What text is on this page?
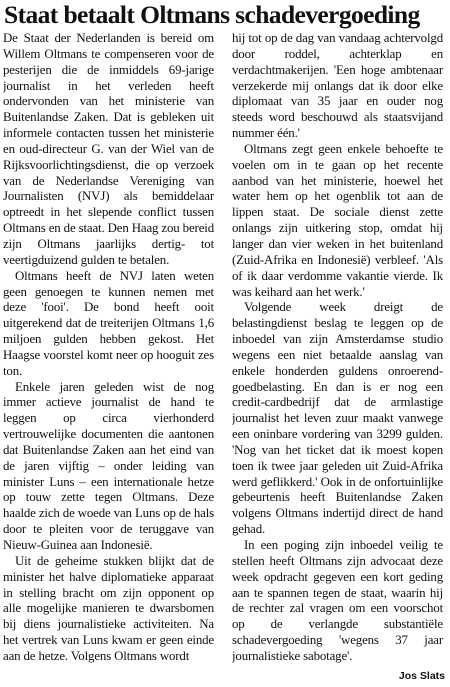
Staat betaalt Oltmans schadevergoeding

De Staat der Nederlanden is bereid om Willem Oltmans te compenseren voor de pesterijen die de inmiddels 69-jarige journalist in het verleden heeft ondervonden van het ministerie van Buitenlandse Zaken. Dat is gebleken uit informele contacten tussen het ministerie en oud-directeur G. van der Wiel van de Rijksvoorlichtingsdienst, die op verzoek van de Nederlandse Vereniging van Journalisten (NVJ) als bemiddelaar optreedt in het slepende conflict tussen Oltmans en de staat. Den Haag zou bereid zijn Oltmans jaarlijks dertig- tot veertigduizend gulden te betalen.

Oltmans heeft de NVJ laten weten geen genoegen te kunnen nemen met deze 'fooi'. De bond heeft ooit uitgerekend dat de treiterijen Oltmans 1,6 miljoen gulden hebben gekost. Het Haagse voorstel komt neer op hooguit zes ton.

Enkele jaren geleden wist de nog immer actieve journalist de hand te leggen op circa vierhonderd vertrouwelijke documenten die aantonen dat Buitenlandse Zaken aan het eind van de jaren vijftig – onder leiding van minister Luns – een internationale hetze op touw zette tegen Oltmans. Deze haalde zich de woede van Luns op de hals door te pleiten voor de teruggave van Nieuw-Guinea aan Indonesië.

Uit de geheime stukken blijkt dat de minister het halve diplomatieke apparaat in stelling bracht om zijn opponent op alle mogelijke manieren te dwarsbomen bij diens journalistieke activiteiten. Na het vertrek van Luns kwam er geen einde aan de hetze. Volgens Oltmans wordt

hij tot op de dag van vandaag achtervolgd door roddel, achterklap en verdachtmakerijen. 'Een hoge ambtenaar verzekerde mij onlangs dat ik door elke diplomaat van 35 jaar en ouder nog steeds word beschouwd als staatsvijand nummer één.'

Oltmans zegt geen enkele behoefte te voelen om in te gaan op het recente aanbod van het ministerie, hoewel het water hem op het ogenblik tot aan de lippen staat. De sociale dienst zette onlangs zijn uitkering stop, omdat hij langer dan vier weken in het buitenland (Zuid-Afrika en Indonesië) verbleef. 'Als of ik daar verdomme vakantie vierde. Ik was keihard aan het werk.'

Volgende week dreigt de belastingdienst beslag te leggen op de inboedel van zijn Amsterdamse studio wegens een niet betaalde aanslag van enkele honderden guldens onroerend-goedbelasting. En dan is er nog een credit-cardbedrijf dat de armlastige journalist het leven zuur maakt vanwege een oninbare vordering van 3299 gulden. 'Nog van het ticket dat ik moest kopen toen ik twee jaar geleden uit Zuid-Afrika werd geflikkerd.' Ook in de onfortuinlijke gebeurtenis heeft Buitenlandse Zaken volgens Oltmans indertijd direct de hand gehad.

In een poging zijn inboedel veilig te stellen heeft Oltmans zijn advocaat deze week opdracht gegeven een kort geding aan te spannen tegen de staat, waarin hij de rechter zal vragen om een voorschot op de verlangde substantiële schadevergoeding 'wegens 37 jaar journalistieke sabotage'.

Jos Slats
